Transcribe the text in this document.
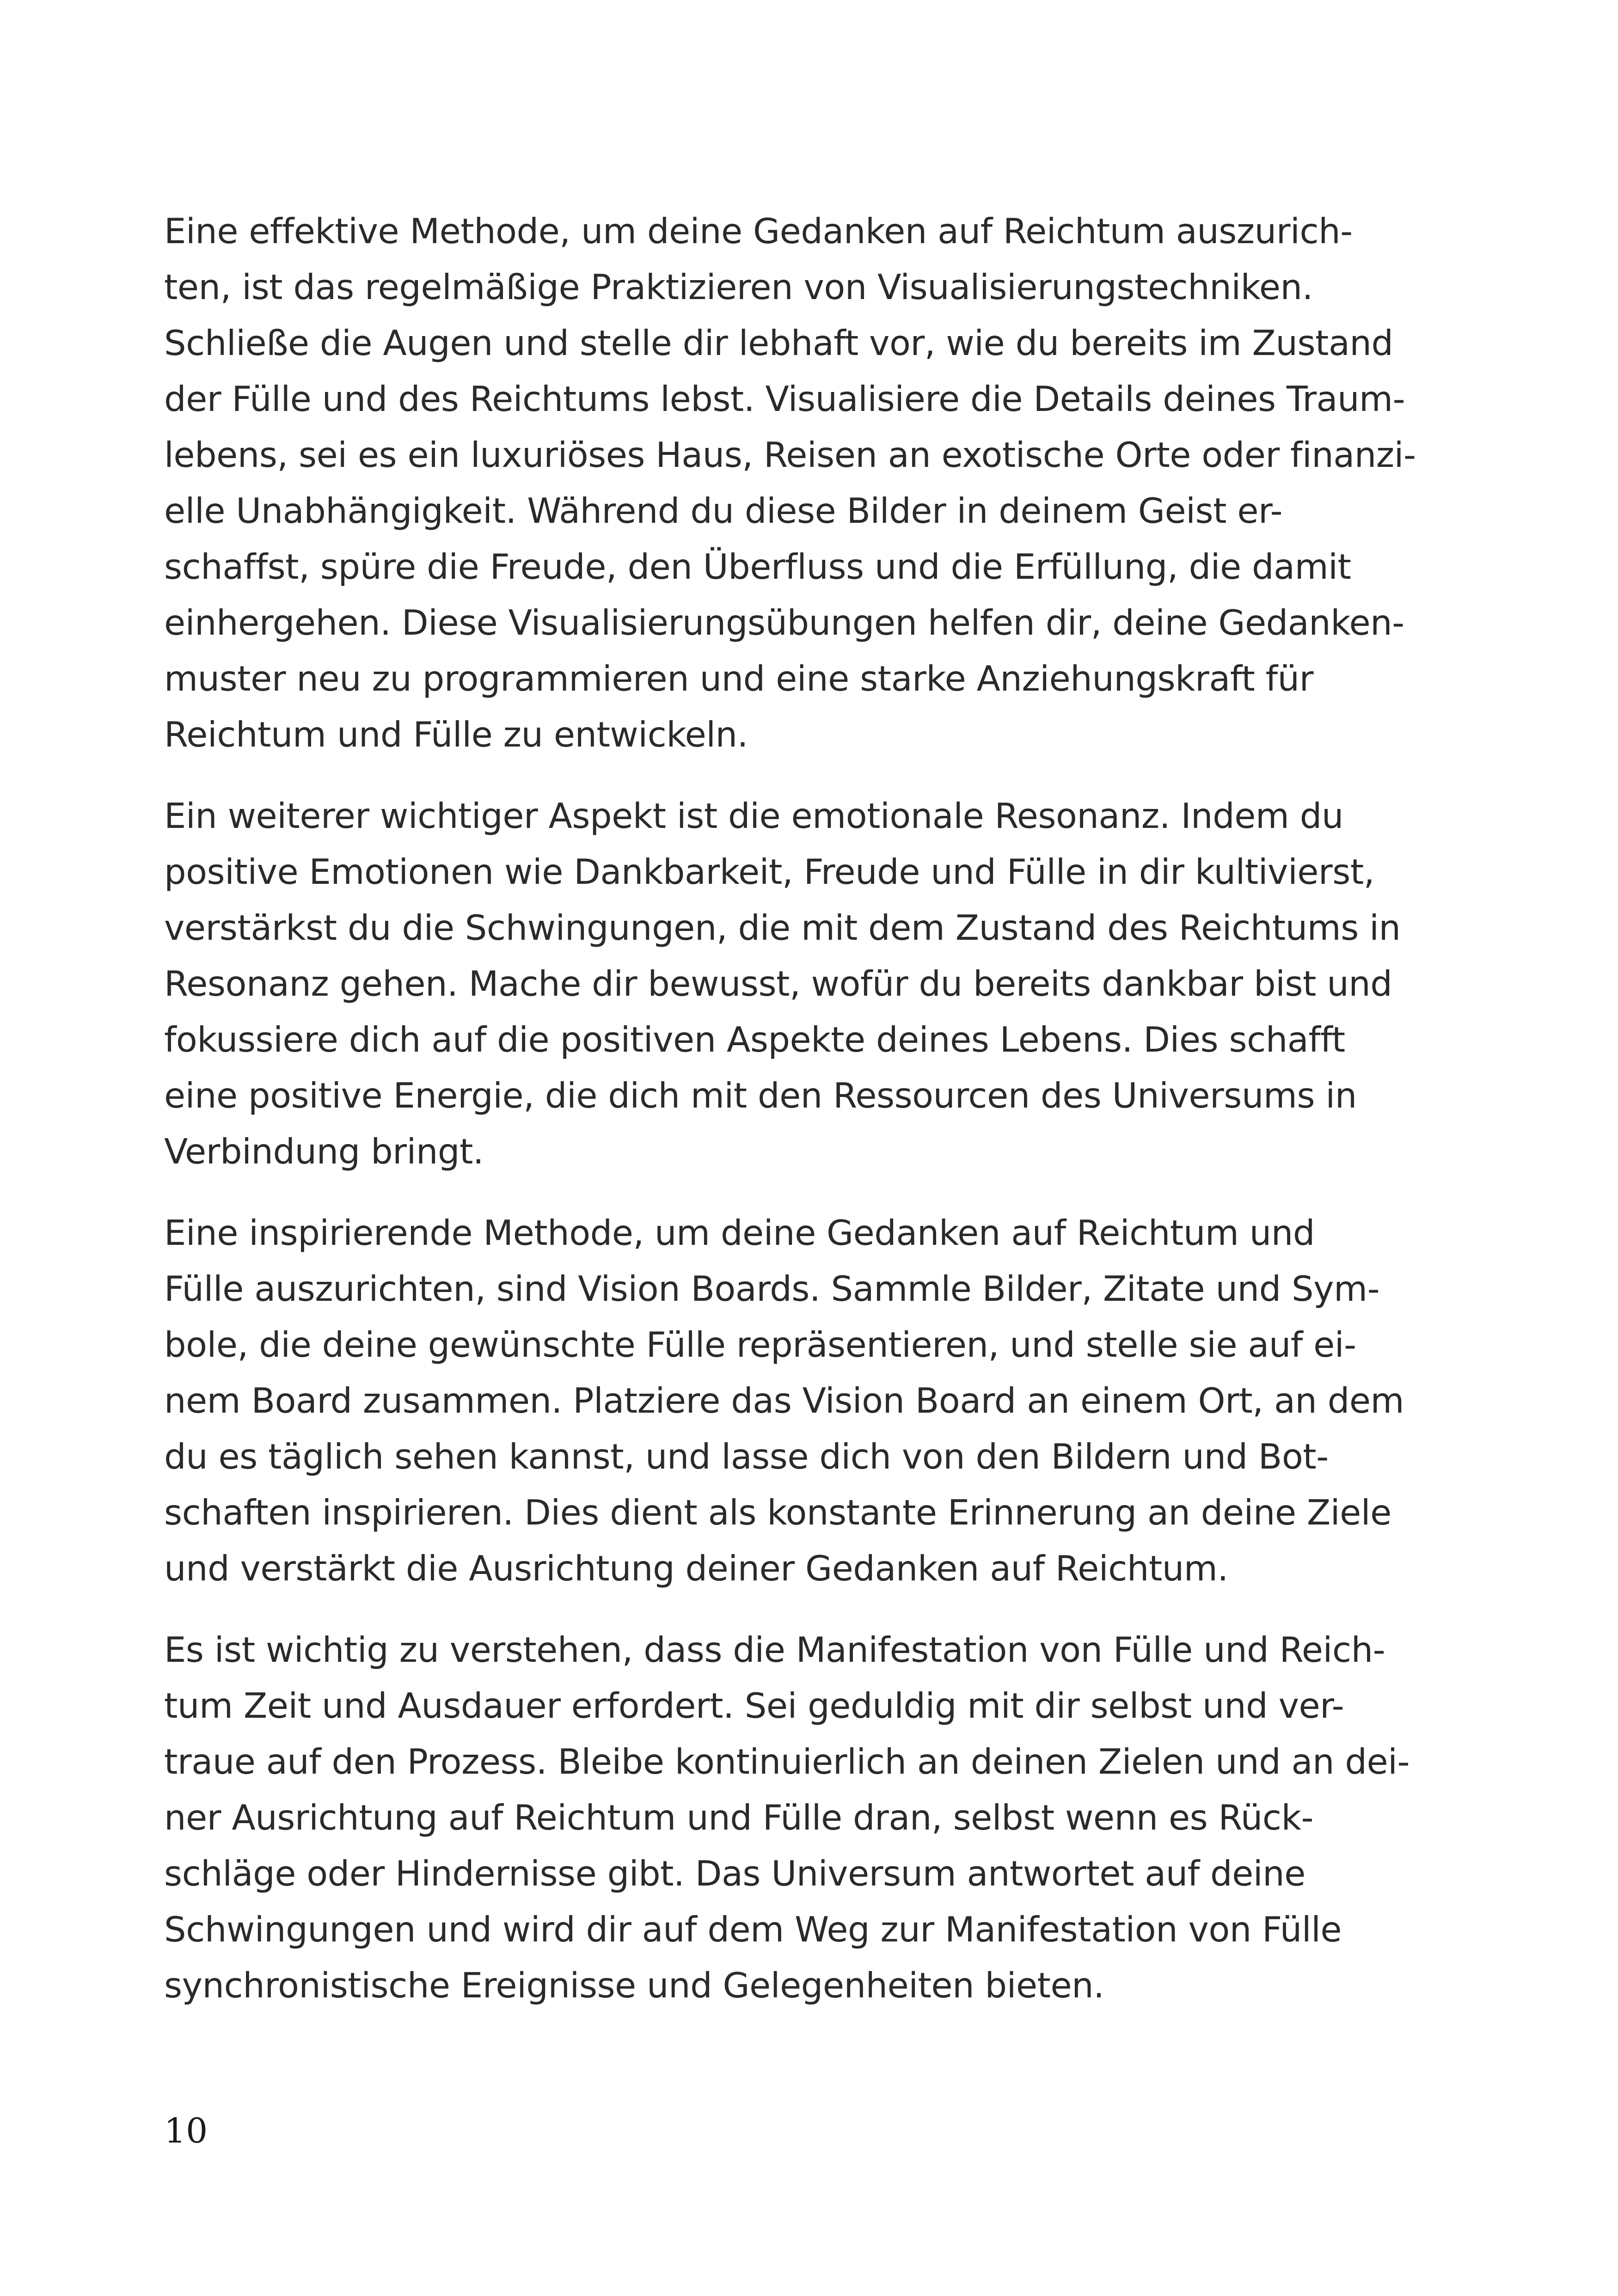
Eine effektive Methode, um deine Gedanken auf Reichtum auszurich-
ten, ist das regelmäßige Praktizieren von Visualisierungstechniken.
Schließe die Augen und stelle dir lebhaft vor, wie du bereits im Zustand
der Fülle und des Reichtums lebst. Visualisiere die Details deines Traum-
lebens, sei es ein luxuriöses Haus, Reisen an exotische Orte oder finanzi-
elle Unabhängigkeit. Während du diese Bilder in deinem Geist er-
schaffst, spüre die Freude, den Überfluss und die Erfüllung, die damit
einhergehen. Diese Visualisierungsübungen helfen dir, deine Gedanken-
muster neu zu programmieren und eine starke Anziehungskraft für
Reichtum und Fülle zu entwickeln.
Ein weiterer wichtiger Aspekt ist die emotionale Resonanz. Indem du
positive Emotionen wie Dankbarkeit, Freude und Fülle in dir kultivierst,
verstärkst du die Schwingungen, die mit dem Zustand des Reichtums in
Resonanz gehen. Mache dir bewusst, wofür du bereits dankbar bist und
fokussiere dich auf die positiven Aspekte deines Lebens. Dies schafft
eine positive Energie, die dich mit den Ressourcen des Universums in
Verbindung bringt.
Eine inspirierende Methode, um deine Gedanken auf Reichtum und
Fülle auszurichten, sind Vision Boards. Sammle Bilder, Zitate und Sym-
bole, die deine gewünschte Fülle repräsentieren, und stelle sie auf ei-
nem Board zusammen. Platziere das Vision Board an einem Ort, an dem
du es täglich sehen kannst, und lasse dich von den Bildern und Bot-
schaften inspirieren. Dies dient als konstante Erinnerung an deine Ziele
und verstärkt die Ausrichtung deiner Gedanken auf Reichtum.
Es ist wichtig zu verstehen, dass die Manifestation von Fülle und Reich-
tum Zeit und Ausdauer erfordert. Sei geduldig mit dir selbst und ver-
traue auf den Prozess. Bleibe kontinuierlich an deinen Zielen und an dei-
ner Ausrichtung auf Reichtum und Fülle dran, selbst wenn es Rück-
schläge oder Hindernisse gibt. Das Universum antwortet auf deine
Schwingungen und wird dir auf dem Weg zur Manifestation von Fülle
synchronistische Ereignisse und Gelegenheiten bieten.
10
